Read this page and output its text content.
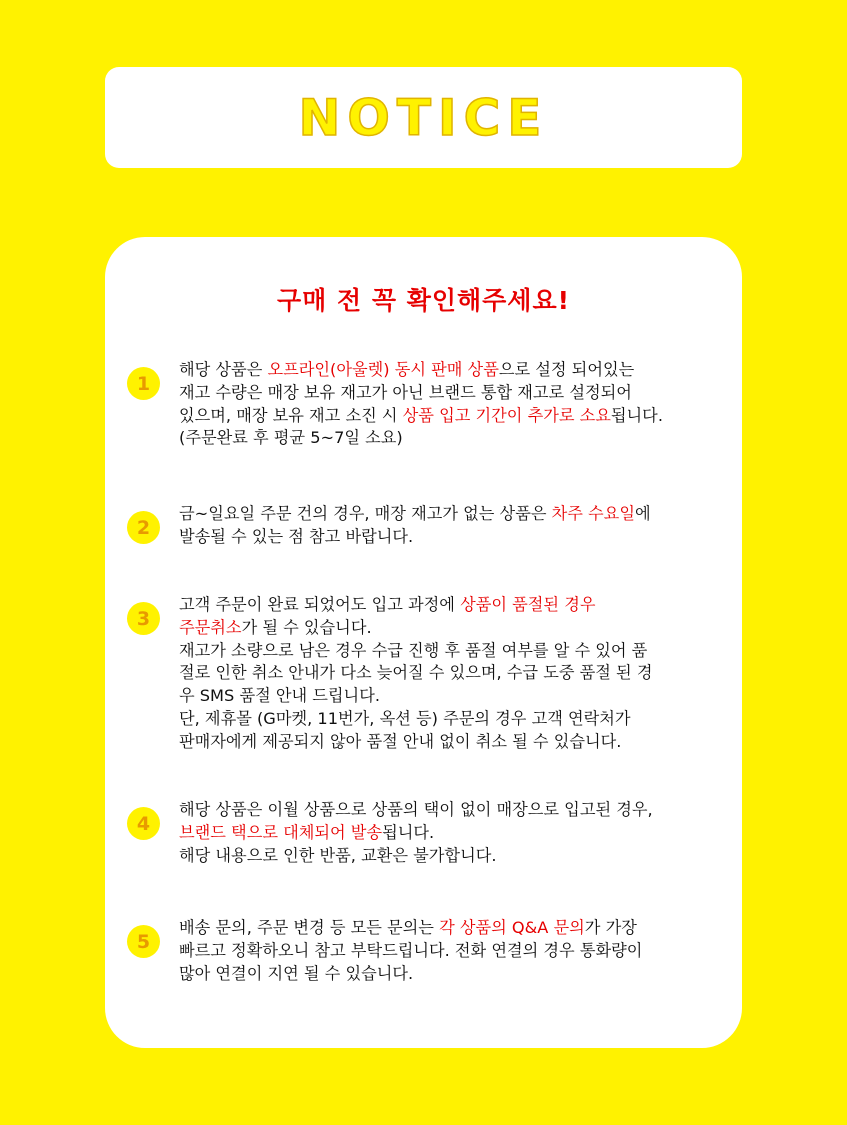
NOTICE
구매 전 꼭 확인해주세요!
1
해당 상품은 오프라인(아울렛) 동시 판매 상품으로 설정 되어있는
재고 수량은 매장 보유 재고가 아닌 브랜드 통합 재고로 설정되어
있으며, 매장 보유 재고 소진 시 상품 입고 기간이 추가로 소요됩니다.
(주문완료 후 평균 5~7일 소요)
2
금~일요일 주문 건의 경우, 매장 재고가 없는 상품은 차주 수요일에
발송될 수 있는 점 참고 바랍니다.
3
고객 주문이 완료 되었어도 입고 과정에 상품이 품절된 경우
주문취소가 될 수 있습니다.
재고가 소량으로 남은 경우 수급 진행 후 품절 여부를 알 수 있어 품
절로 인한 취소 안내가 다소 늦어질 수 있으며, 수급 도중 품절 된 경
우 SMS 품절 안내 드립니다.
단, 제휴몰 (G마켓, 11번가, 옥션 등) 주문의 경우 고객 연락처가
판매자에게 제공되지 않아 품절 안내 없이 취소 될 수 있습니다.
4
해당 상품은 이월 상품으로 상품의 택이 없이 매장으로 입고된 경우,
브랜드 택으로 대체되어 발송됩니다.
해당 내용으로 인한 반품, 교환은 불가합니다.
5
배송 문의, 주문 변경 등 모든 문의는 각 상품의 Q&A 문의가 가장
빠르고 정확하오니 참고 부탁드립니다. 전화 연결의 경우 통화량이
많아 연결이 지연 될 수 있습니다.
